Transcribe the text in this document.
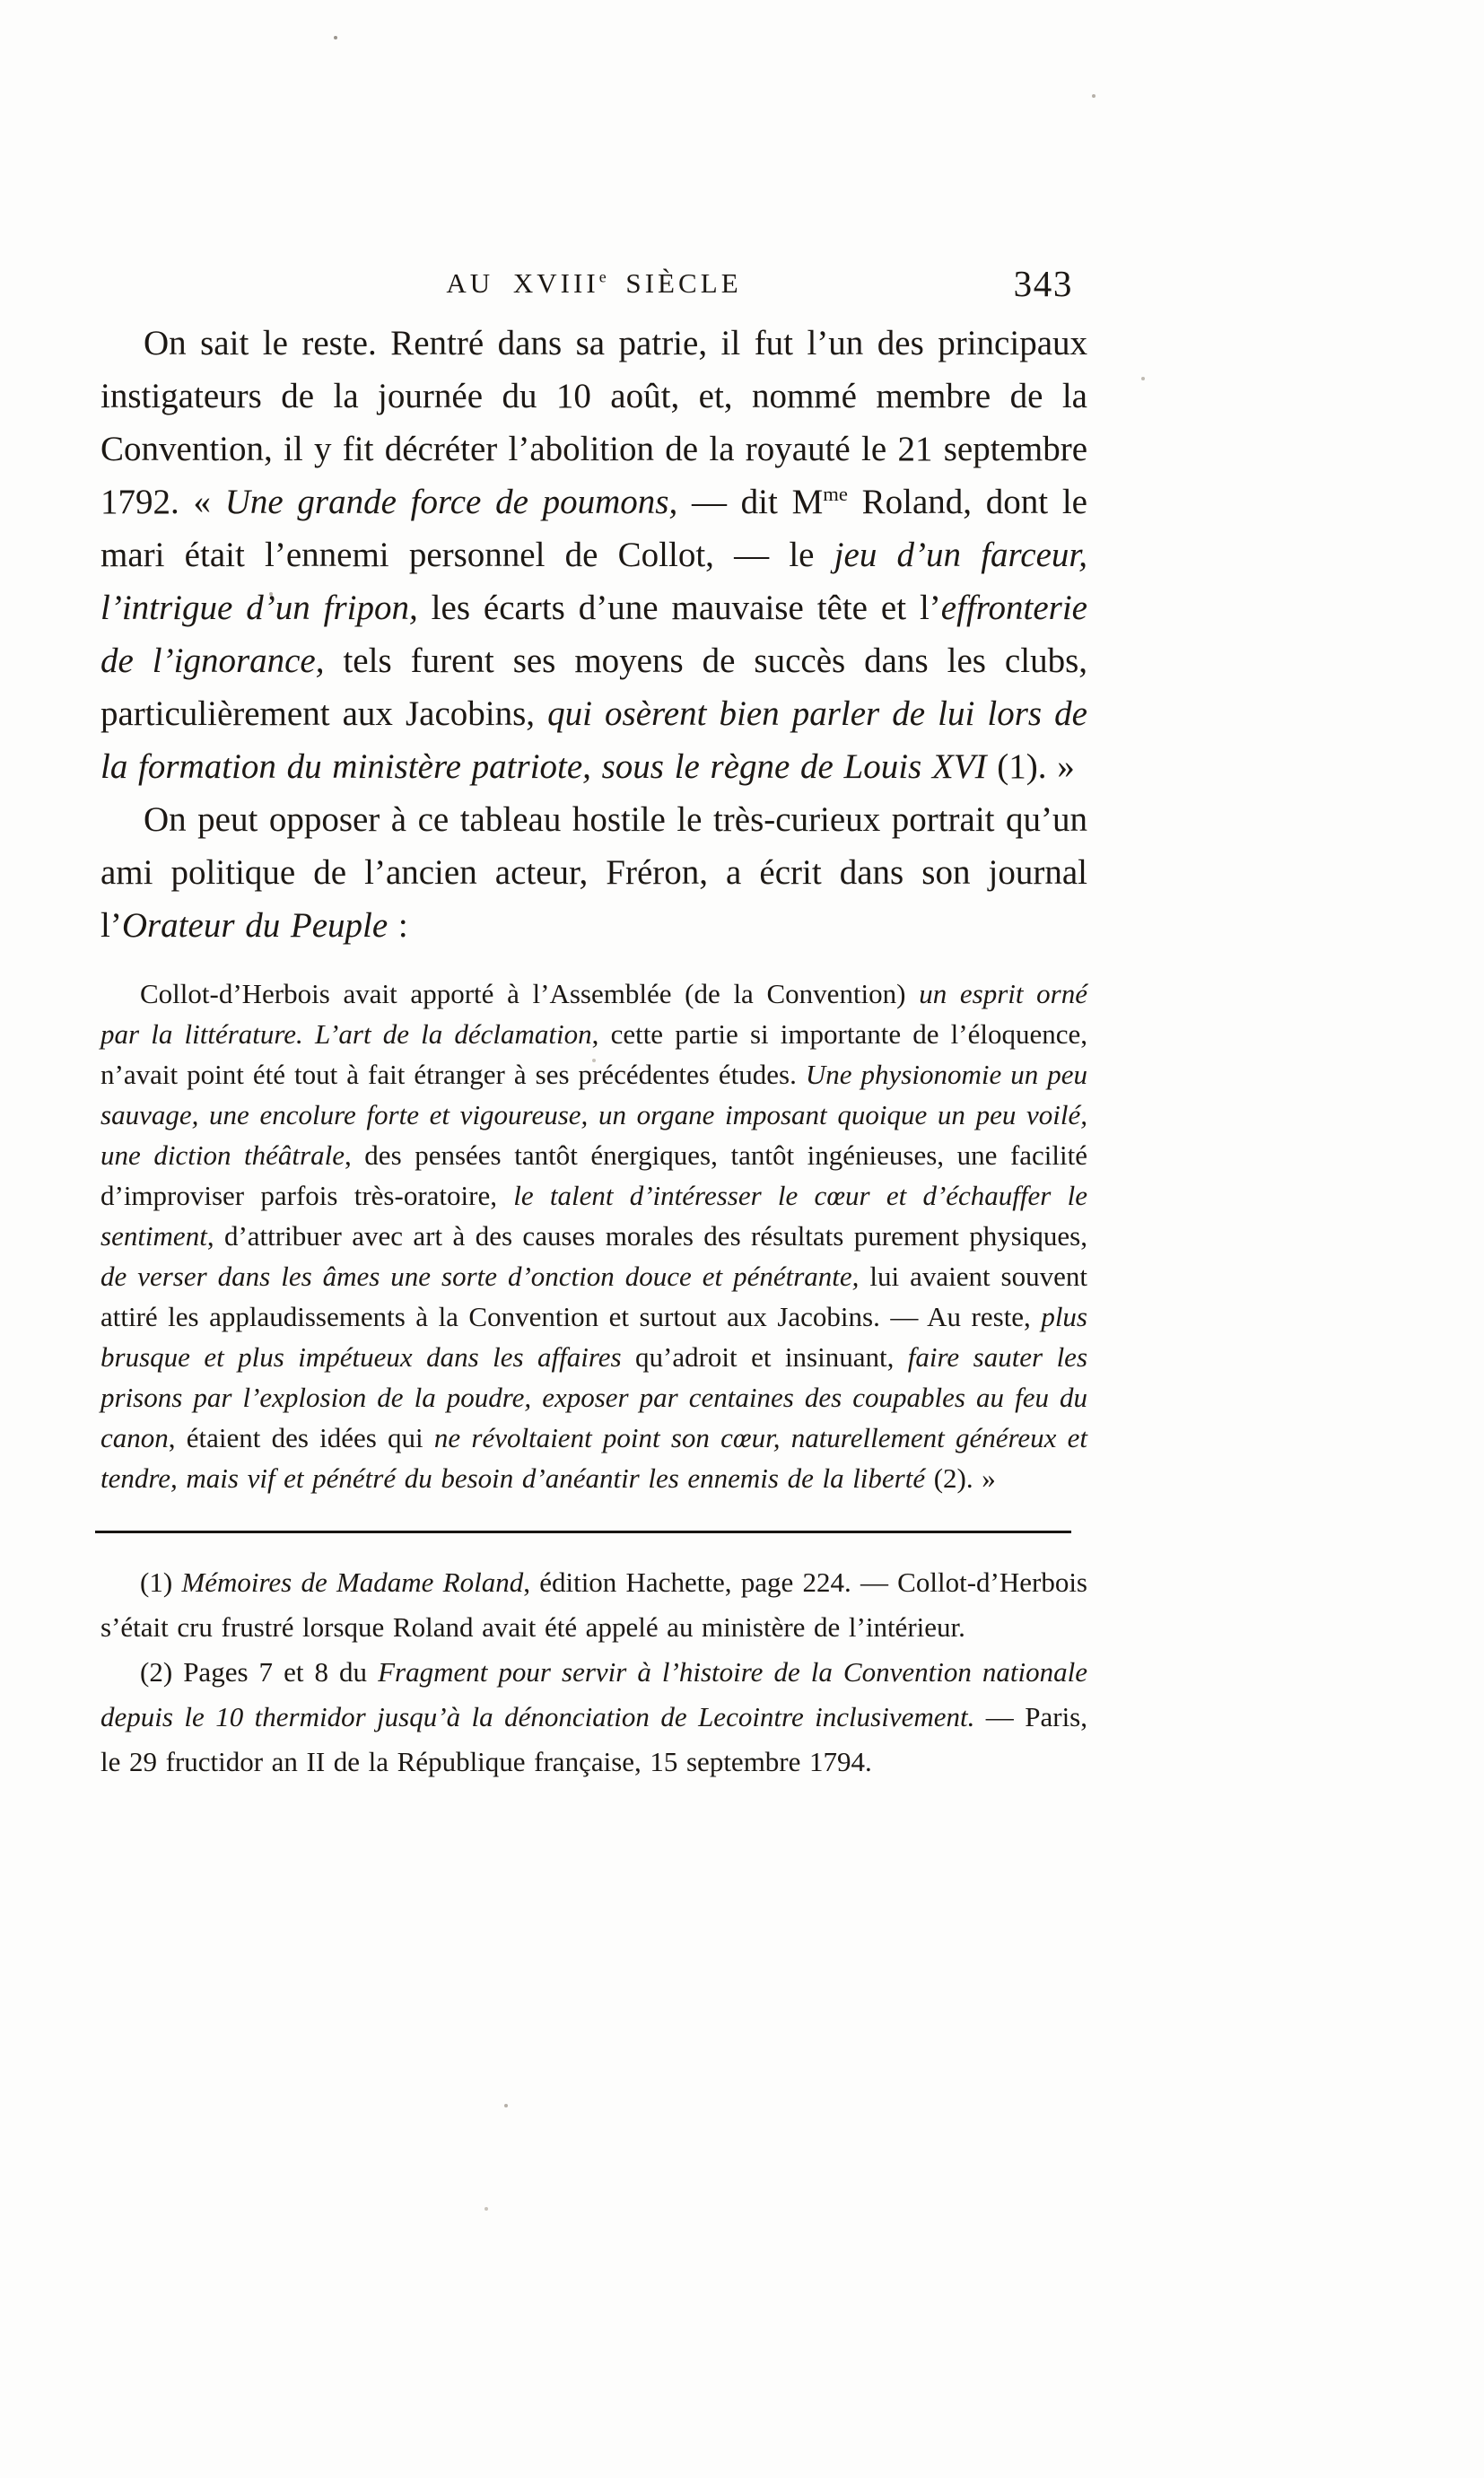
AU XVIIIe SIÈCLE	343

On sait le reste. Rentré dans sa patrie, il fut l’un des principaux instigateurs de la journée du 10 août, et, nommé membre de la Convention, il y fit décréter l’abolition de la royauté le 21 septembre 1792. « Une grande force de poumons, — dit $M^{me}$ Roland, dont le mari était l’ennemi personnel de Collot, — le jeu d’un farceur, l’intrigue d’un fripon, les écarts d’une mauvaise tête et l’effronterie de l’ignorance, tels furent ses moyens de succès dans les clubs, particulièrement aux Jacobins, qui osèrent bien parler de lui lors de la formation du ministère patriote, sous le règne de Louis XVI (1). »

On peut opposer à ce tableau hostile le très-curieux portrait qu’un ami politique de l’ancien acteur, Fréron, a écrit dans son journal l’Orateur du Peuple :

Collot-d’Herbois avait apporté à l’Assemblée (de la Convention) un esprit orné par la littérature. L’art de la déclamation, cette partie si importante de l’éloquence, n’avait point été tout à fait étranger à ses précédentes études. Une physionomie un peu sauvage, une encolure forte et vigoureuse, un organe imposant quoique un peu voilé, une diction théâtrale, des pensées tantôt énergiques, tantôt ingénieuses, une facilité d’improviser parfois très-oratoire, le talent d’intéresser le cœur et d’échauffer le sentiment, d’attribuer avec art à des causes morales des résultats purement physiques, de verser dans les âmes une sorte d’onction douce et pénétrante, lui avaient souvent attiré les applaudissements à la Convention et surtout aux Jacobins. — Au reste, plus brusque et plus impétueux dans les affaires qu’adroit et insinuant, faire sauter les prisons par l’explosion de la poudre, exposer par centaines des coupables au feu du canon, étaient des idées qui ne révoltaient point son cœur, naturellement généreux et tendre, mais vif et pénétré du besoin d’anéantir les ennemis de la liberté (2). »

(1) Mémoires de Madame Roland, édition Hachette, page 224. — Collot-d’Herbois s’était cru frustré lorsque Roland avait été appelé au ministère de l’intérieur.

(2) Pages 7 et 8 du Fragment pour servir à l’histoire de la Convention nationale depuis le 10 thermidor jusqu’à la dénonciation de Lecointre inclusivement. — Paris, le 29 fructidor an II de la République française, 15 septembre 1794.
